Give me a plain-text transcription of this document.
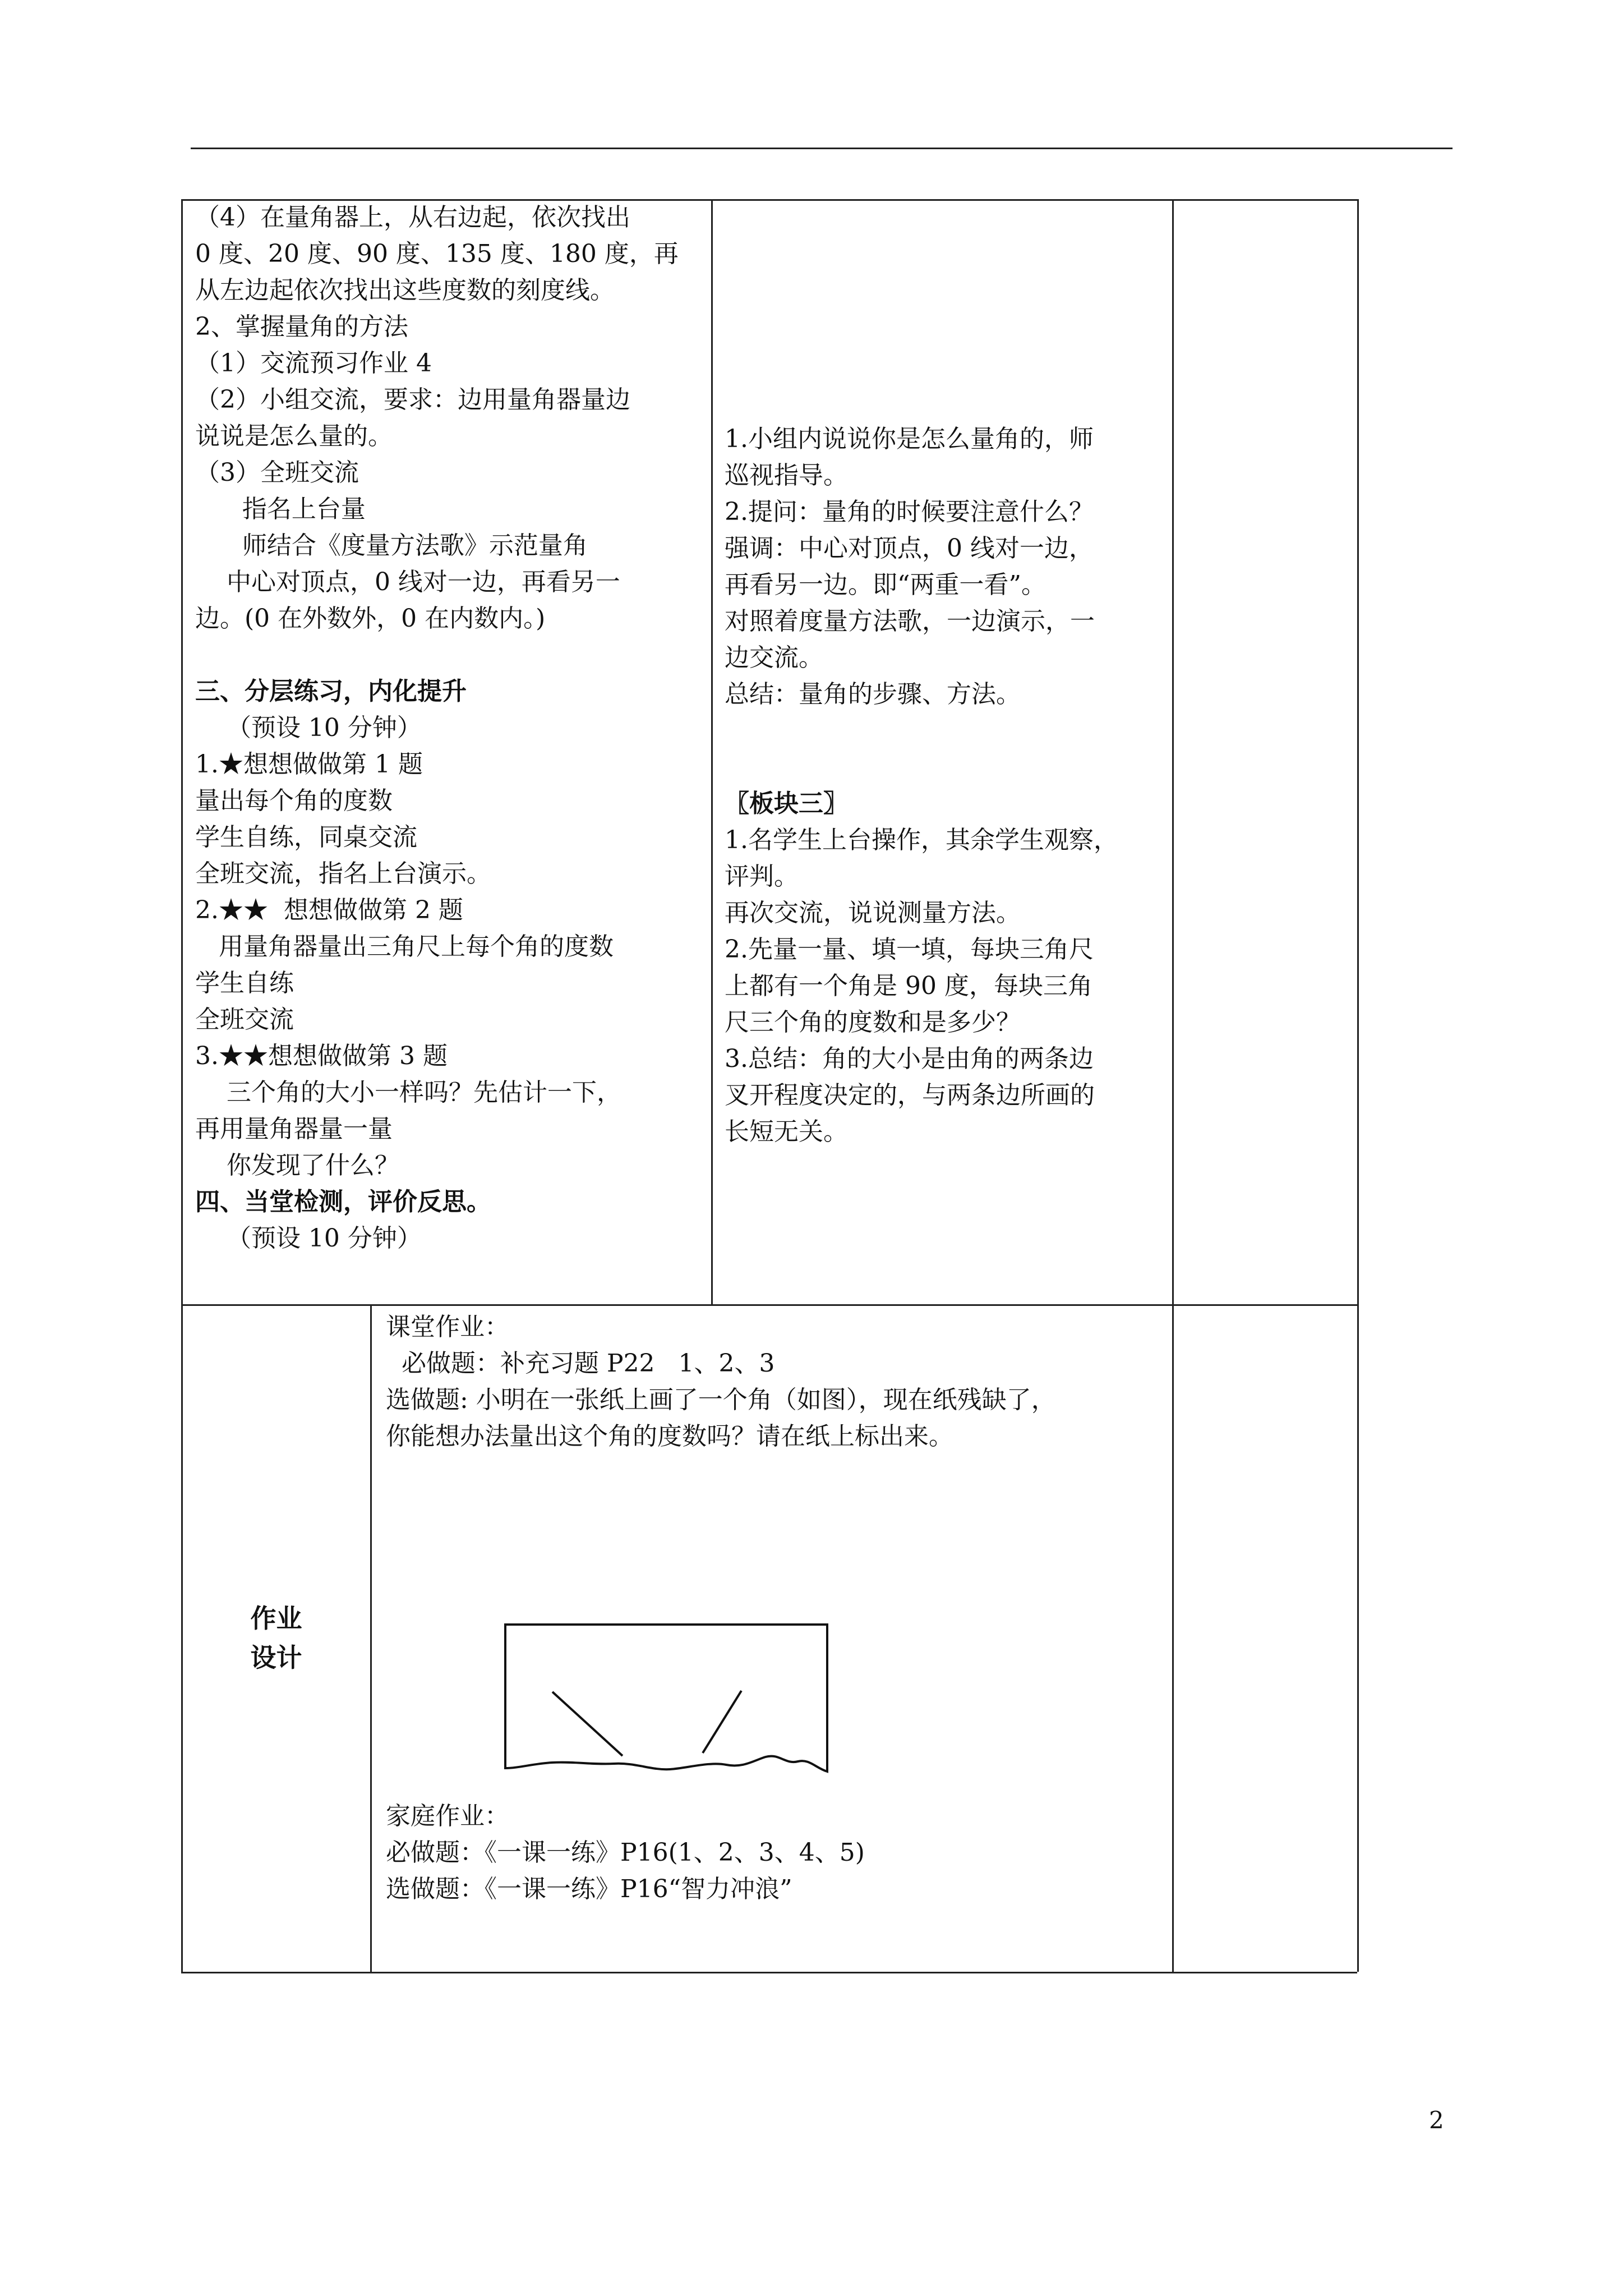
（4）在量角器上，从右边起，依次找出
0 度、20 度、90 度、135 度、180 度，再
从左边起依次找出这些度数的刻度线。
2、掌握量角的方法
（1）交流预习作业 4
（2）小组交流，要求：边用量角器量边
说说是怎么量的。
（3）全班交流
指名上台量
师结合《度量方法歌》示范量角
中心对顶点，0 线对一边，再看另一
边。(0 在外数外，0 在内数内。)
三、分层练习，内化提升
（预设 10 分钟）
1.★想想做做第 1 题
量出每个角的度数
学生自练，同桌交流
全班交流，指名上台演示。
2.★★  想想做做第 2 题
用量角器量出三角尺上每个角的度数
学生自练
全班交流
3.★★想想做做第 3 题
三个角的大小一样吗？先估计一下，
再用量角器量一量
你发现了什么？
四、当堂检测，评价反思。
（预设 10 分钟）
1.小组内说说你是怎么量角的，师
巡视指导。
2.提问：量角的时候要注意什么？
强调：中心对顶点，0 线对一边，
再看另一边。即“两重一看”。
对照着度量方法歌，一边演示，一
边交流。
总结：量角的步骤、方法。
〖板块三〗
1.名学生上台操作，其余学生观察，
评判。
再次交流，说说测量方法。
2.先量一量、填一填，每块三角尺
上都有一个角是 90 度，每块三角
尺三个角的度数和是多少？
3.总结：角的大小是由角的两条边
叉开程度决定的，与两条边所画的
长短无关。
作业
设计
课堂作业：
必做题：补充习题 P22   1、2、3
选做题: 小明在一张纸上画了一个角（如图），现在纸残缺了，
你能想办法量出这个角的度数吗？请在纸上标出来。
家庭作业：
必做题：《一课一练》P16(1、2、3、4、5)
选做题：《一课一练》P16“智力冲浪”
2
